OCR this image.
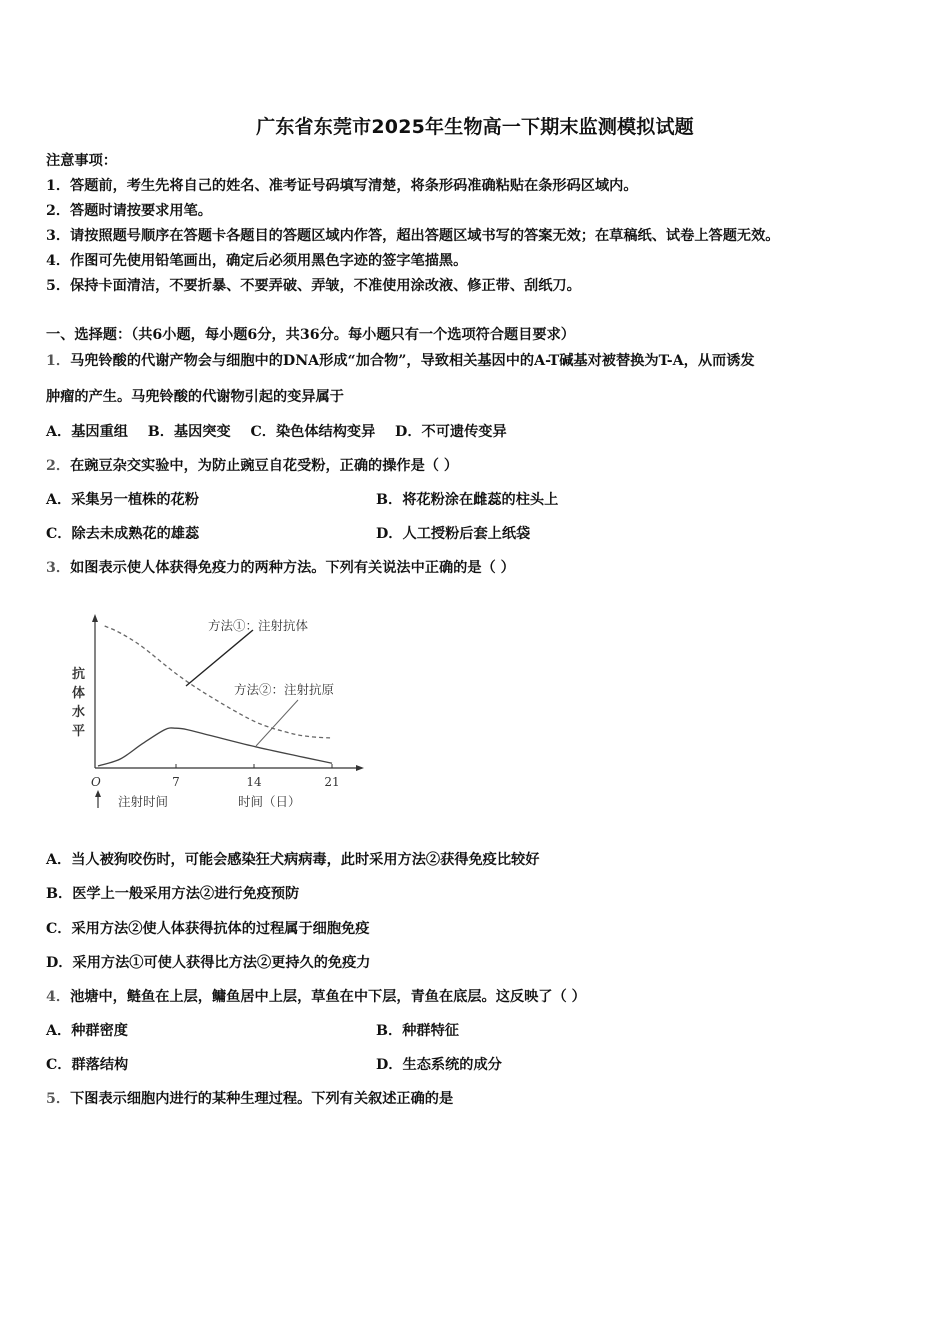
广东省东莞市2025年生物高一下期末监测模拟试题
注意事项：
1．答题前，考生先将自己的姓名、准考证号码填写清楚，将条形码准确粘贴在条形码区域内。
2．答题时请按要求用笔。
3．请按照题号顺序在答题卡各题目的答题区域内作答，超出答题区域书写的答案无效；在草稿纸、试卷上答题无效。
4．作图可先使用铅笔画出，确定后必须用黑色字迹的签字笔描黑。
5．保持卡面清洁，不要折暴、不要弄破、弄皱，不准使用涂改液、修正带、刮纸刀。
一、选择题：（共6小题，每小题6分，共36分。每小题只有一个选项符合题目要求）
1．马兜铃酸的代谢产物会与细胞中的DNA形成“加合物”，导致相关基因中的A-T碱基对被替换为T-A，从而诱发
肿瘤的产生。马兜铃酸的代谢物引起的变异属于
A．基因重组 B．基因突变 C．染色体结构变异 D．不可遗传变异
2．在豌豆杂交实验中，为防止豌豆自花受粉，正确的操作是（ ）
A．采集另一植株的花粉	B．将花粉涂在雌蕊的柱头上
C．除去未成熟花的雄蕊	D．人工授粉后套上纸袋
3．如图表示使人体获得免疫力的两种方法。下列有关说法中正确的是（ ）
抗
体
水
平
方法①：注射抗体
方法②：注射抗原
O	7	14	21
注射时间	时间（日）
A．当人被狗咬伤时，可能会感染狂犬病病毒，此时采用方法②获得免疫比较好
B．医学上一般采用方法②进行免疫预防
C．采用方法②使人体获得抗体的过程属于细胞免疫
D．采用方法①可使人获得比方法②更持久的免疫力
4．池塘中，鲢鱼在上层，鳙鱼居中上层，草鱼在中下层，青鱼在底层。这反映了（ ）
A．种群密度	B．种群特征
C．群落结构	D．生态系统的成分
5．下图表示细胞内进行的某种生理过程。下列有关叙述正确的是
